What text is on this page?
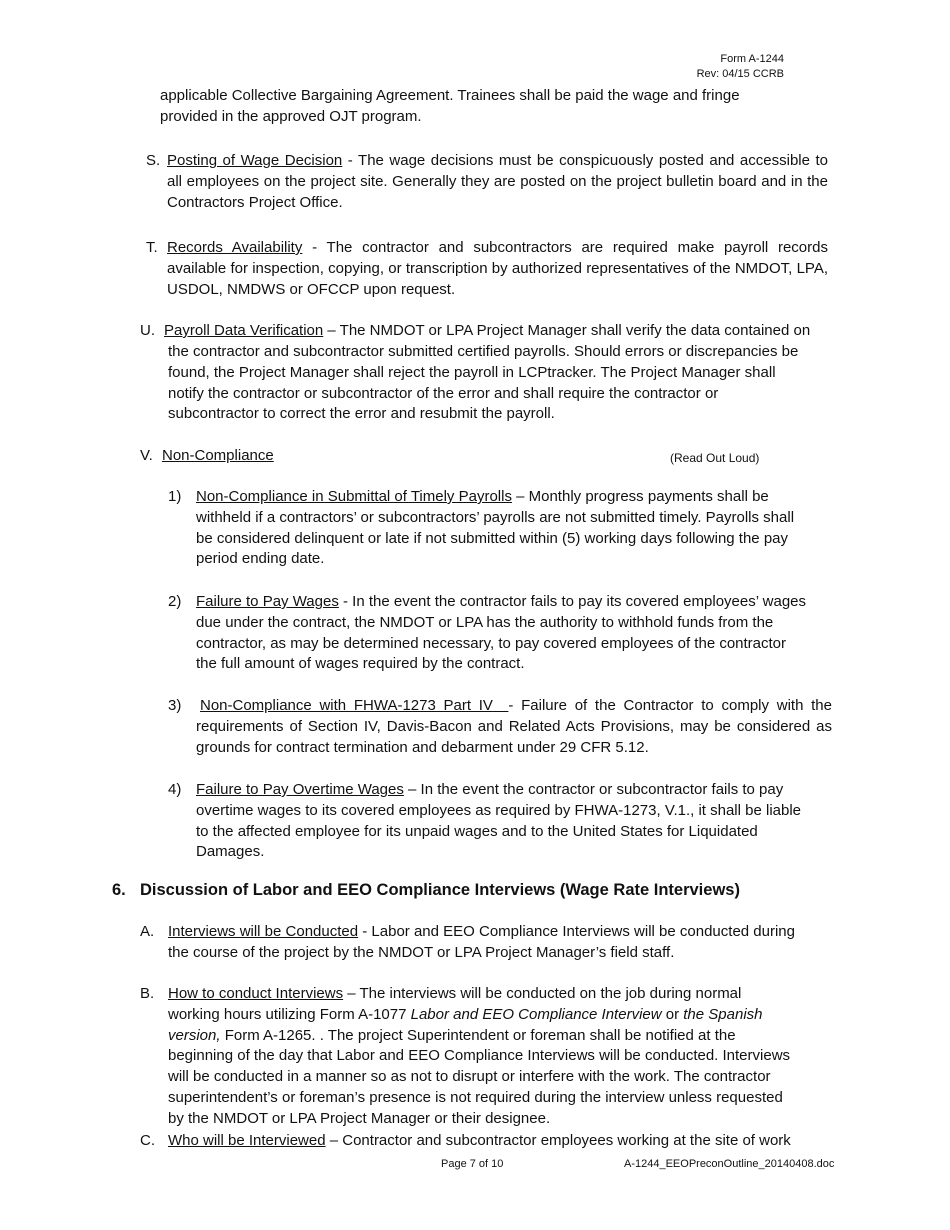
Form A-1244
Rev: 04/15 CCRB
applicable Collective Bargaining Agreement. Trainees shall be paid the wage and fringe
provided in the approved OJT program.
S. Posting of Wage Decision - The wage decisions must be conspicuously posted and accessible to all employees on the project site. Generally they are posted on the project bulletin board and in the Contractors Project Office.
T. Records Availability - The contractor and subcontractors are required make payroll records available for inspection, copying, or transcription by authorized representatives of the NMDOT, LPA, USDOL, NMDWS or OFCCP upon request.
U. Payroll Data Verification – The NMDOT or LPA Project Manager shall verify the data contained on
the contractor and subcontractor submitted certified payrolls. Should errors or discrepancies be
found, the Project Manager shall reject the payroll in LCPtracker. The Project Manager shall
notify the contractor or subcontractor of the error and shall require the contractor or
subcontractor to correct the error and resubmit the payroll.
V. Non-Compliance	(Read Out Loud)
1) Non-Compliance in Submittal of Timely Payrolls – Monthly progress payments shall be
withheld if a contractors’ or subcontractors’ payrolls are not submitted timely. Payrolls shall
be considered delinquent or late if not submitted within (5) working days following the pay
period ending date.
2) Failure to Pay Wages - In the event the contractor fails to pay its covered employees’ wages
due under the contract, the NMDOT or LPA has the authority to withhold funds from the
contractor, as may be determined necessary, to pay covered employees of the contractor
the full amount of wages required by the contract.
3) Non-Compliance with FHWA-1273 Part IV - Failure of the Contractor to comply with the requirements of Section IV, Davis-Bacon and Related Acts Provisions, may be considered as grounds for contract termination and debarment under 29 CFR 5.12.
4) Failure to Pay Overtime Wages – In the event the contractor or subcontractor fails to pay
overtime wages to its covered employees as required by FHWA-1273, V.1., it shall be liable
to the affected employee for its unpaid wages and to the United States for Liquidated
Damages.
6. Discussion of Labor and EEO Compliance Interviews (Wage Rate Interviews)
A. Interviews will be Conducted - Labor and EEO Compliance Interviews will be conducted during
the course of the project by the NMDOT or LPA Project Manager’s field staff.
B. How to conduct Interviews – The interviews will be conducted on the job during normal
working hours utilizing Form A-1077 Labor and EEO Compliance Interview or the Spanish
version, Form A-1265. . The project Superintendent or foreman shall be notified at the
beginning of the day that Labor and EEO Compliance Interviews will be conducted. Interviews
will be conducted in a manner so as not to disrupt or interfere with the work. The contractor
superintendent’s or foreman’s presence is not required during the interview unless requested
by the NMDOT or LPA Project Manager or their designee.
C. Who will be Interviewed – Contractor and subcontractor employees working at the site of work
Page 7 of 10	A-1244_EEOPreconOutline_20140408.doc
